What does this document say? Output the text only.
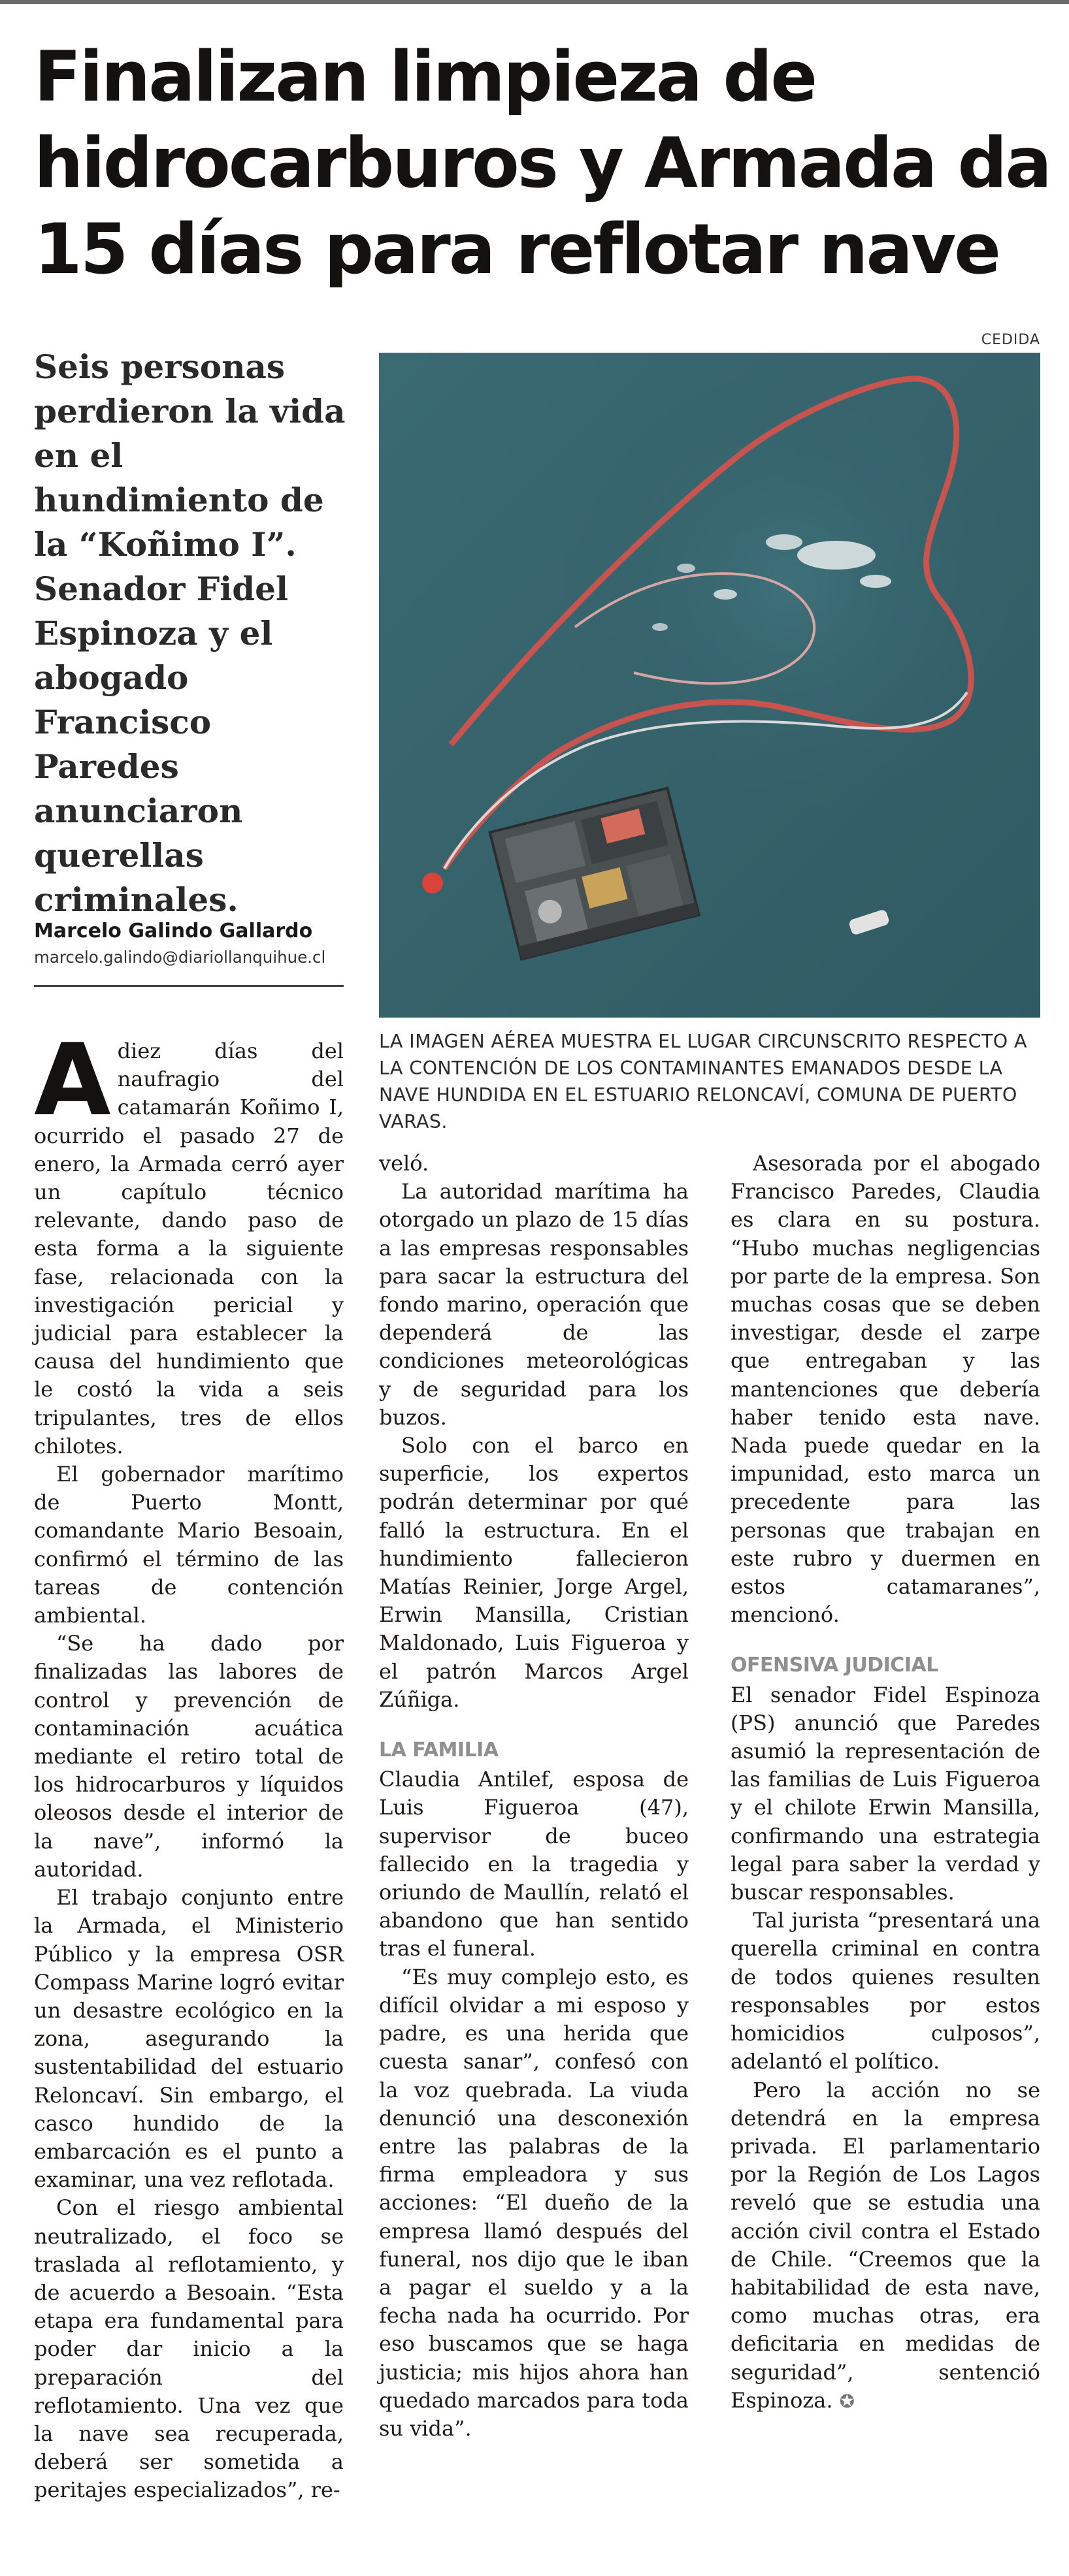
Finalizan limpieza de hidrocarburos y Armada da 15 días para reflotar nave
CEDIDA
LA IMAGEN AÉREA MUESTRA EL LUGAR CIRCUNSCRITO RESPECTO A LA CONTENCIÓN DE LOS CONTAMINANTES EMANADOS DESDE LA NAVE HUNDIDA EN EL ESTUARIO RELONCAVÍ, COMUNA DE PUERTO VARAS.
Seis personas perdieron la vida en el hundimiento de la “Koñimo I”. Senador Fidel Espinoza y el abogado Francisco Paredes anunciaron querellas criminales.
Marcelo Galindo Gallardo
marcelo.galindo@diariollanquihue.cl

Adiez días del naufragio del catamarán Koñimo I, ocurrido el pasado 27 de enero, la Armada cerró ayer un capítulo técnico relevante, dando paso de esta forma a la siguiente fase, relacionada con la investigación pericial y judicial para establecer la causa del hundimiento que le costó la vida a seis tripulantes, tres de ellos chilotes.

El gobernador marítimo de Puerto Montt, comandante Mario Besoain, confirmó el término de las tareas de contención ambiental.

“Se ha dado por finalizadas las labores de control y prevención de contaminación acuática mediante el retiro total de los hidrocarburos y líquidos oleosos desde el interior de la nave”, informó la autoridad.

El trabajo conjunto entre la Armada, el Ministerio Público y la empresa OSR Compass Marine logró evitar un desastre ecológico en la zona, asegurando la sustentabilidad del estuario Reloncaví. Sin embargo, el casco hundido de la embarcación es el punto a examinar, una vez reflotada.

Con el riesgo ambiental neutralizado, el foco se traslada al reflotamiento, y de acuerdo a Besoain. “Esta etapa era fundamental para poder dar inicio a la preparación del reflotamiento. Una vez que la nave sea recuperada, deberá ser sometida a peritajes especializados”, re-

veló.

La autoridad marítima ha otorgado un plazo de 15 días a las empresas responsables para sacar la estructura del fondo marino, operación que dependerá de las condiciones meteorológicas y de seguridad para los buzos.

Solo con el barco en superficie, los expertos podrán determinar por qué falló la estructura. En el hundimiento fallecieron Matías Reinier, Jorge Argel, Erwin Mansilla, Cristian Maldonado, Luis Figueroa y el patrón Marcos Argel Zúñiga.

LA FAMILIA

Claudia Antilef, esposa de Luis Figueroa (47), supervisor de buceo fallecido en la tragedia y oriundo de Maullín, relató el abandono que han sentido tras el funeral.

“Es muy complejo esto, es difícil olvidar a mi esposo y padre, es una herida que cuesta sanar”, confesó con la voz quebrada. La viuda denunció una desconexión entre las palabras de la firma empleadora y sus acciones: “El dueño de la empresa llamó después del funeral, nos dijo que le iban a pagar el sueldo y a la fecha nada ha ocurrido. Por eso buscamos que se haga justicia; mis hijos ahora han quedado marcados para toda su vida”.

Asesorada por el abogado Francisco Paredes, Claudia es clara en su postura. “Hubo muchas negligencias por parte de la empresa. Son muchas cosas que se deben investigar, desde el zarpe que entregaban y las mantenciones que debería haber tenido esta nave. Nada puede quedar en la impunidad, esto marca un precedente para las personas que trabajan en este rubro y duermen en estos catamaranes”, mencionó.

OFENSIVA JUDICIAL

El senador Fidel Espinoza (PS) anunció que Paredes asumió la representación de las familias de Luis Figueroa y el chilote Erwin Mansilla, confirmando una estrategia legal para saber la verdad y buscar responsables.

Tal jurista “presentará una querella criminal en contra de todos quienes resulten responsables por estos homicidios culposos”, adelantó el político.

Pero la acción no se detendrá en la empresa privada. El parlamentario por la Región de Los Lagos reveló que se estudia una acción civil contra el Estado de Chile. “Creemos que la habitabilidad de esta nave, como muchas otras, era deficitaria en medidas de seguridad”, sentenció Espinoza. ✪
